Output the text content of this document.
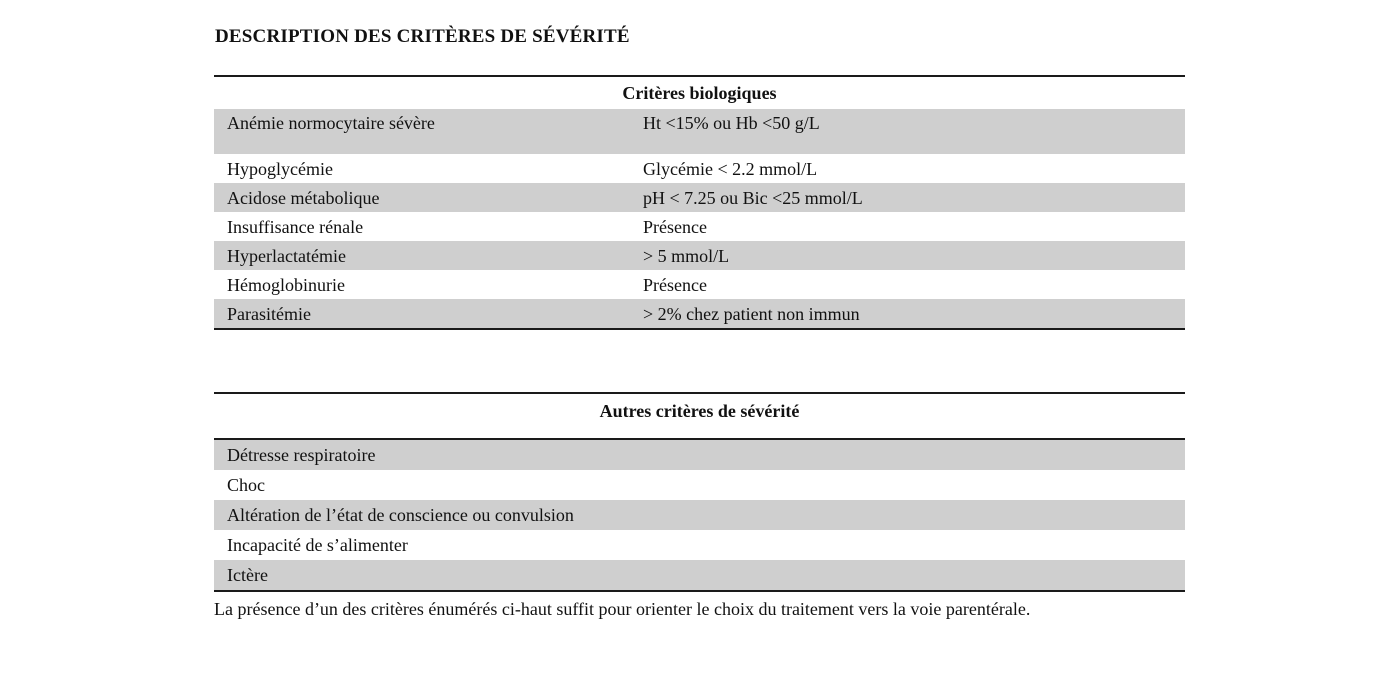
DESCRIPTION DES CRITÈRES DE SÉVÉRITÉ
Critères biologiques
Anémie normocytaire sévère	Ht <15% ou Hb <50 g/L
Hypoglycémie	Glycémie < 2.2 mmol/L
Acidose métabolique	pH < 7.25 ou Bic <25 mmol/L
Insuffisance rénale	Présence
Hyperlactatémie	> 5 mmol/L
Hémoglobinurie	Présence
Parasitémie	> 2% chez patient non immun
Autres critères de sévérité
Détresse respiratoire
Choc
Altération de l’état de conscience ou convulsion
Incapacité de s’alimenter
Ictère
La présence d’un des critères énumérés ci-haut suffit pour orienter le choix du traitement vers la voie parentérale.
